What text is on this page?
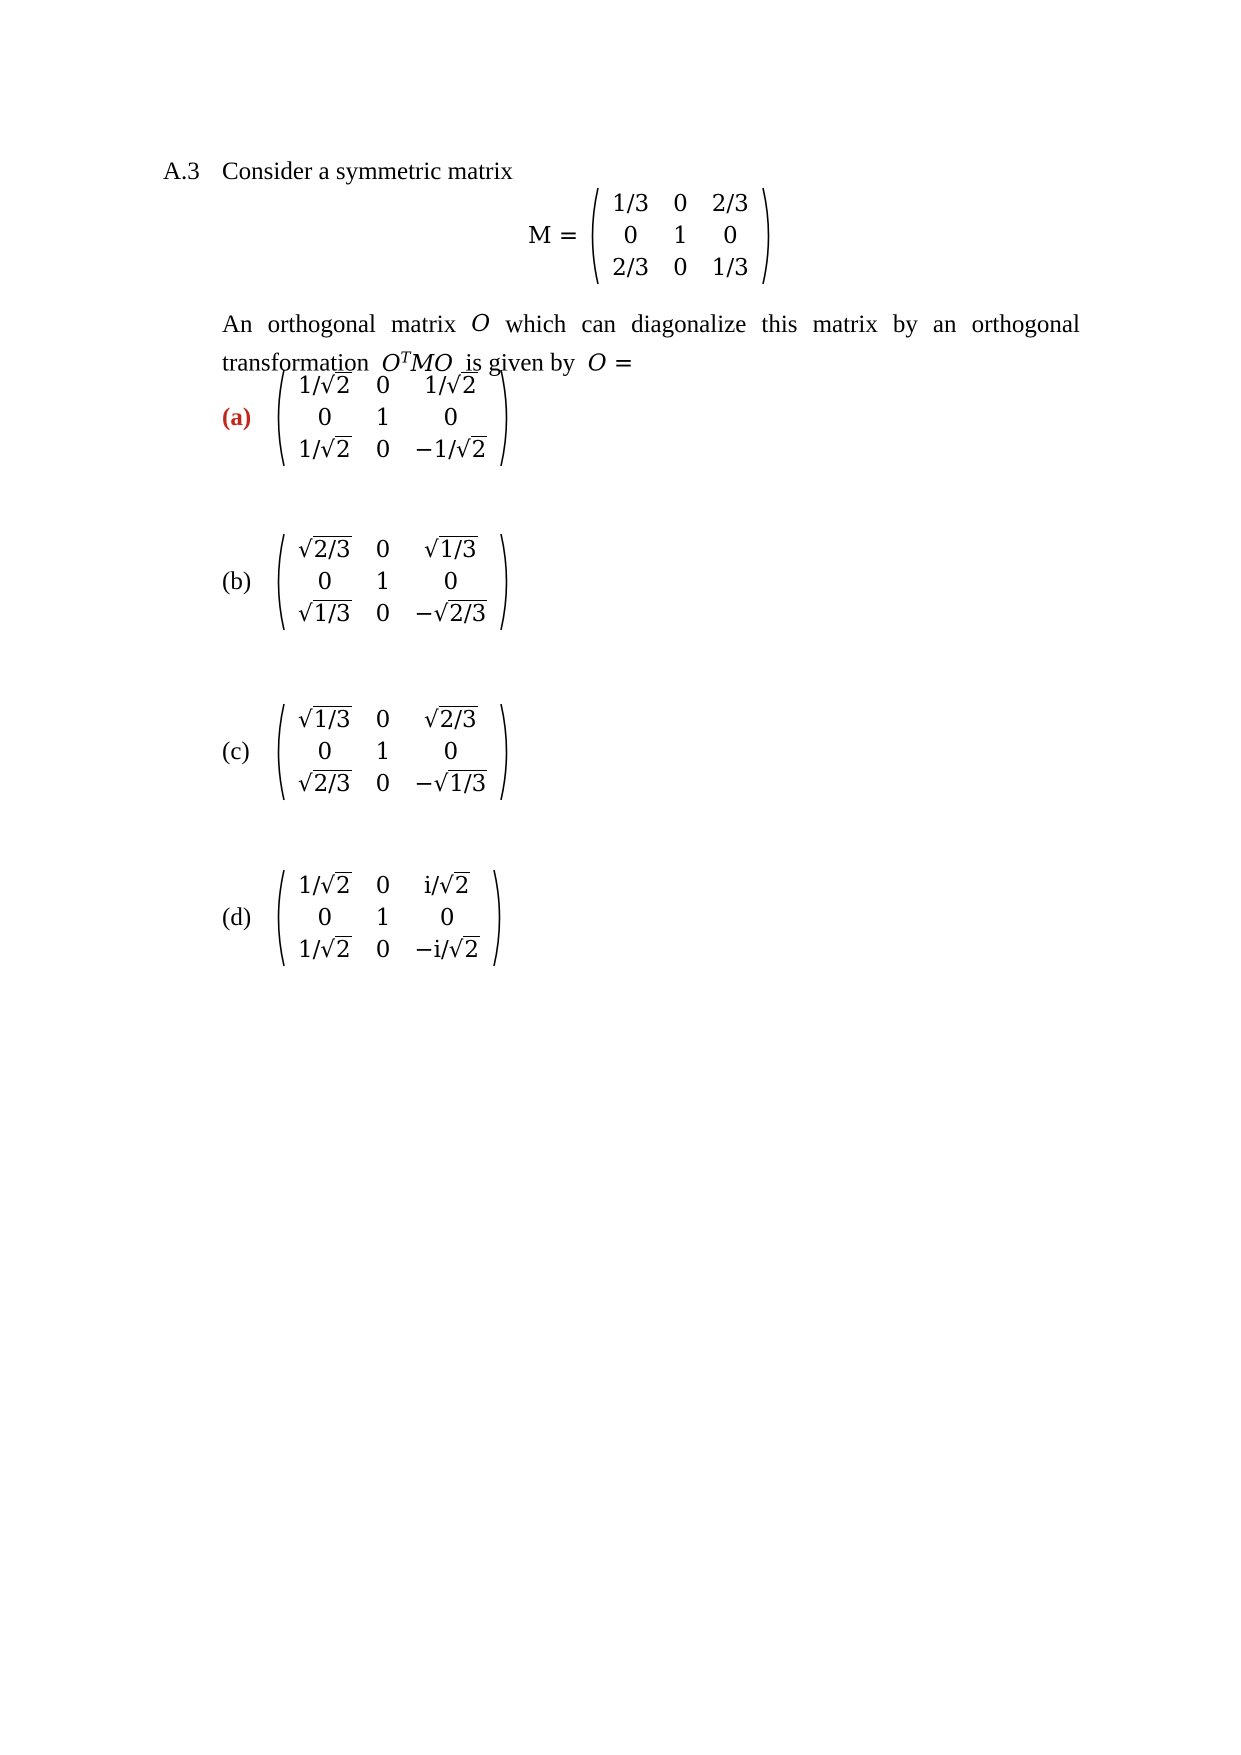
A.3 Consider a symmetric matrix
M =
1/3	0	2/3
0	1	0
2/3	0	1/3
An orthogonal matrix O which can diagonalize this matrix by an orthogonal
transformation $O^TMO$ is given by O =
(a)
1/√2	0	1/√2
0	1	0
1/√2	0	−1/√2
(b)
√2/3	0	√1/3
0	1	0
√1/3	0	−√2/3
(c)
√1/3	0	√2/3
0	1	0
√2/3	0	−√1/3
(d)
1/√2	0	i/√2
0	1	0
1/√2	0	−i/√2
